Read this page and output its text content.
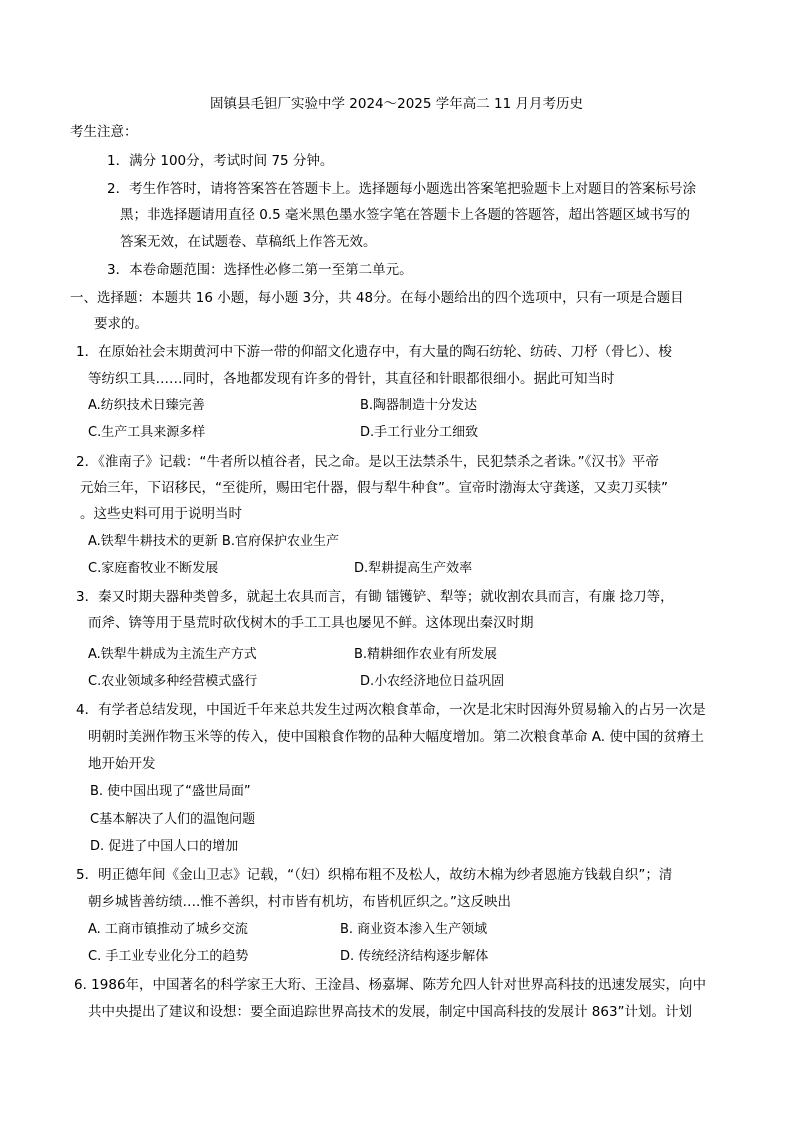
固镇县毛钽厂实验中学 2024～2025 学年高二 11 月月考历史
考生注意：
1．满分 100分，考试时间 75 分钟。
2．考生作答时，请将答案答在答题卡上。选择题每小题选出答案笔把验题卡上对题目的答案标号涂
黑；非选择题请用直径 0.5 毫米黑色墨水签字笔在答题卡上各题的答题答，超出答题区域书写的
答案无效，在试题卷、草稿纸上作答无效。
3．本卷命题范围：选择性必修二第一至第二单元。
一、选择题：本题共 16 小题，每小题 3分，共 48分。在每小题给出的四个选项中，只有一项是合题目
要求的。
1．在原始社会末期黄河中下游一带的仰韶文化遗存中，有大量的陶石纺轮、纺砖、刀杼（骨匕）、梭
等纺织工具……同时，各地都发现有许多的骨针，其直径和针眼都很细小。据此可知当时
A.纺织技术日臻完善	B.陶器制造十分发达
C.生产工具来源多样	D.手工行业分工细致
2．《淮南子》记载：“牛者所以植谷者，民之命。是以王法禁杀牛，民犯禁杀之者诛。”《汉书》平帝
元始三年，下诏移民，“至徙所，赐田宅什器，假与犁牛种食”。宣帝时渤海太守龚遂，又卖刀买犊”
。这些史料可用于说明当时
A.铁犁牛耕技术的更新 B.官府保护农业生产
C.家庭畜牧业不断发展	D.犁耕提高生产效率
3．秦又时期夫器种类曾多，就起土农具而言，有锄 镭镬铲、犁等；就收割农具而言，有廉 捻刀等，
而斧、锛等用于垦荒时砍伐树木的手工工具也屡见不鲜。这体现出秦汉时期
A.铁犁牛耕成为主流生产方式	B.精耕细作农业有所发展
C.农业领域多种经营模式盛行	D.小农经济地位日益巩固
4．有学者总结发现，中国近千年来总共发生过两次粮食革命，一次是北宋时因海外贸易输入的占另一次是
明朝时美洲作物玉米等的传入，使中国粮食作物的品种大幅度增加。第二次粮食革命 A. 使中国的贫瘠土
地开始开发
B. 使中国出现了“盛世局面”
C基本解决了人们的温饱问题
D. 促进了中国人口的增加
5．明正德年间《金山卫志》记载，“（妇）织棉布粗不及松人，故纺木棉为纱者恩施方钱载自织”；清
朝乡城皆善纺绩….惟不善织，村市皆有机坊，布皆机匠织之。”这反映出
A. 工商市镇推动了城乡交流	B. 商业资本渗入生产领域
C. 手工业专业化分工的趋势	D. 传统经济结构逐步解体
6. 1986年，中国著名的科学家王大珩、王淦昌、杨嘉墀、陈芳允四人针对世界高科技的迅速发展实，向中
共中央提出了建议和设想：要全面追踪世界高技术的发展，制定中国高科技的发展计 863”计划。计划
